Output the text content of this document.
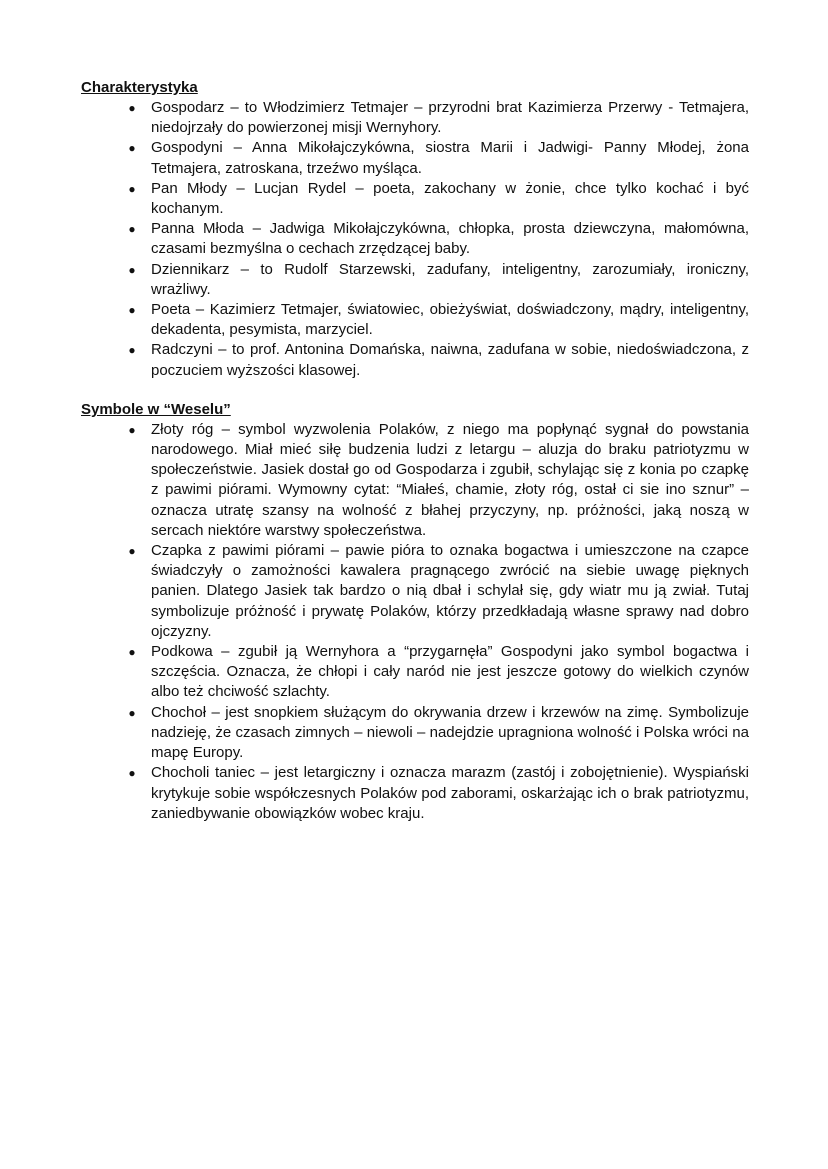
Charakterystyka

● Gospodarz – to Włodzimierz Tetmajer – przyrodni brat Kazimierza Przerwy - Tetmajera, niedojrzały do powierzonej misji Wernyhory.
● Gospodyni – Anna Mikołajczykówna, siostra Marii i Jadwigi- Panny Młodej, żona Tetmajera, zatroskana, trzeźwo myśląca.
● Pan Młody – Lucjan Rydel – poeta, zakochany w żonie, chce tylko kochać i być kochanym.
● Panna Młoda – Jadwiga Mikołajczykówna, chłopka, prosta dziewczyna, małomówna, czasami bezmyślna o cechach zrzędzącej baby.
● Dziennikarz – to Rudolf Starzewski, zadufany, inteligentny, zarozumiały, ironiczny, wrażliwy.
● Poeta – Kazimierz Tetmajer, światowiec, obieżyświat, doświadczony, mądry, inteligentny, dekadenta, pesymista, marzyciel.
● Radczyni – to prof. Antonina Domańska, naiwna, zadufana w sobie, niedoświadczona, z poczuciem wyższości klasowej.

Symbole w “Weselu”

● Złoty róg – symbol wyzwolenia Polaków, z niego ma popłynąć sygnał do powstania narodowego. Miał mieć siłę budzenia ludzi z letargu – aluzja do braku patriotyzmu w społeczeństwie. Jasiek dostał go od Gospodarza i zgubił, schylając się z konia po czapkę z pawimi piórami. Wymowny cytat: “Miałeś, chamie, złoty róg, ostał ci sie ino sznur” – oznacza utratę szansy na wolność z błahej przyczyny, np. próżności, jaką noszą w sercach niektóre warstwy społeczeństwa.
● Czapka z pawimi piórami – pawie pióra to oznaka bogactwa i umieszczone na czapce świadczyły o zamożności kawalera pragnącego zwrócić na siebie uwagę pięknych panien. Dlatego Jasiek tak bardzo o nią dbał i schylał się, gdy wiatr mu ją zwiał. Tutaj symbolizuje próżność i prywatę Polaków, którzy przedkładają własne sprawy nad dobro ojczyzny.
● Podkowa – zgubił ją Wernyhora a “przygarnęła” Gospodyni jako symbol bogactwa i szczęścia. Oznacza, że chłopi i cały naród nie jest jeszcze gotowy do wielkich czynów albo też chciwość szlachty.
● Chochoł – jest snopkiem służącym do okrywania drzew i krzewów na zimę. Symbolizuje nadzieję, że czasach zimnych – niewoli – nadejdzie upragniona wolność i Polska wróci na mapę Europy.
● Chocholi taniec – jest letargiczny i oznacza marazm (zastój i zobojętnienie). Wyspiański krytykuje sobie współczesnych Polaków pod zaborami, oskarżając ich o brak patriotyzmu, zaniedbywanie obowiązków wobec kraju.
